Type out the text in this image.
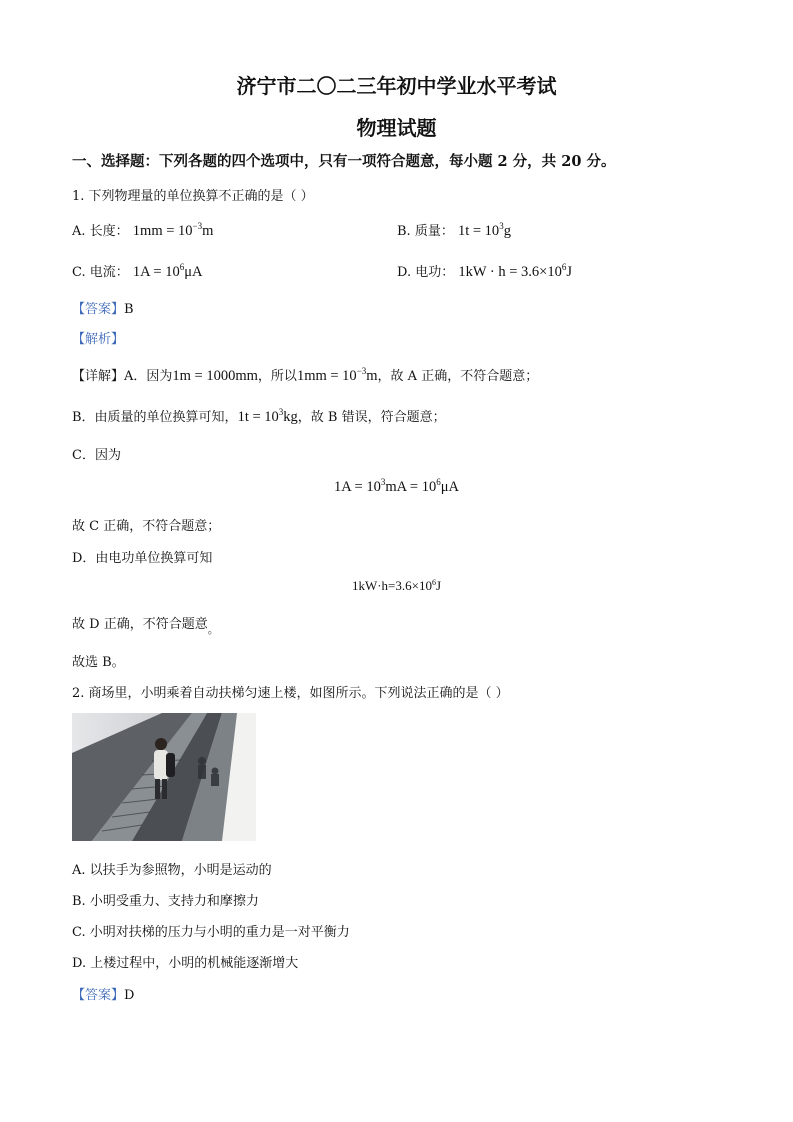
济宁市二〇二三年初中学业水平考试
物理试题
一、选择题：下列各题的四个选项中，只有一项符合题意，每小题 2 分，共 20 分。
1. 下列物理量的单位换算不正确的是（ ）
A. 长度： $1mm = 10^{-3}m$	B. 质量： $1t = 10^3g$
C. 电流： $1A = 10^6\mu A$	D. 电功： $1kW \cdot h = 3.6\times 10^6J$
【答案】B
【解析】
【详解】A．因为1m = 1000mm，所以$1mm = 10^{-3}m$，故 A 正确，不符合题意；
B．由质量的单位换算可知，$1t = 10^3kg$，故 B 错误，符合题意；
C．因为
$1A = 10^3mA = 10^6\mu A$
故 C 正确，不符合题意；
D．由电功单位换算可知
$1kW\cdot h=3.6\times 10^6J$
故 D 正确，不符合题意$_。$
故选 B。
2. 商场里，小明乘着自动扶梯匀速上楼，如图所示。下列说法正确的是（ ）
A. 以扶手为参照物，小明是运动的
B. 小明受重力、支持力和摩擦力
C. 小明对扶梯的压力与小明的重力是一对平衡力
D. 上楼过程中，小明的机械能逐渐增大
【答案】D
